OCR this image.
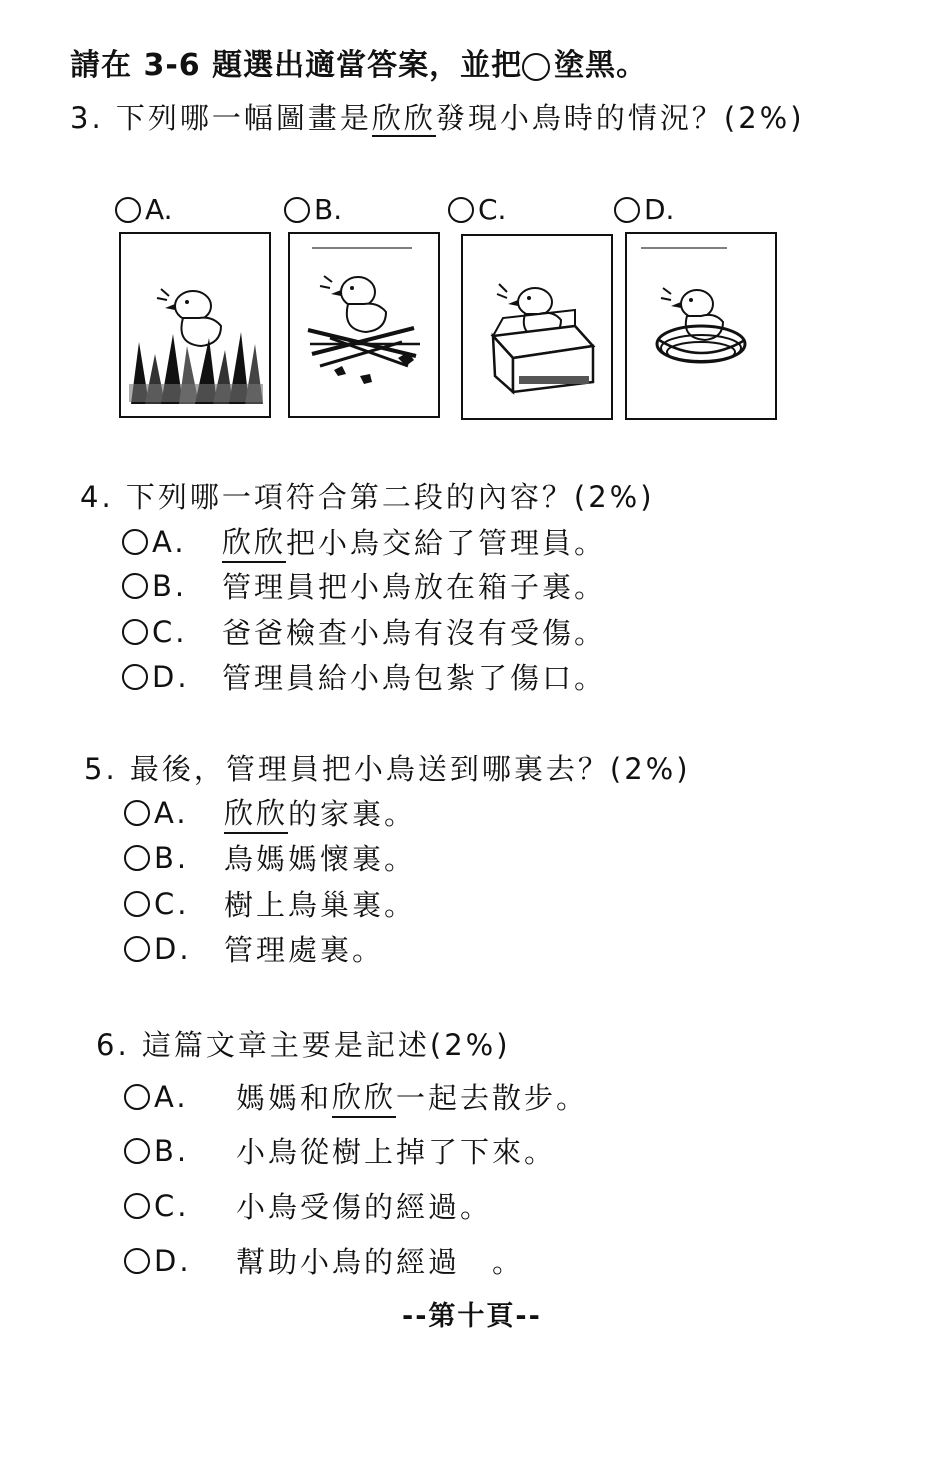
請在 3-6 題選出適當答案，並把 塗黑。
3. 下列哪一幅圖畫是欣欣發現小鳥時的情況？(2%)
A.	B.	C.	D.
4. 下列哪一項符合第二段的內容？(2%)
A.	欣欣 把小鳥交給了管理員。
B.	管理員把小鳥放在箱子裏。
C.	爸爸檢查小鳥有沒有受傷。
D.	管理員給小鳥包紮了傷口。
5. 最後，管理員把小鳥送到哪裏去？(2%)
A.	欣欣 的家裏。
B.	鳥媽媽懷裏。
C.	樹上鳥巢裏。
D.	管理處裏。
6. 這篇文章主要是記述(2%)
A.	媽媽和 欣欣 一起去散步。
B.	小鳥從樹上掉了下來。
C.	小鳥受傷的經過。
D.	幫助小鳥的經過　。
--第十頁--
